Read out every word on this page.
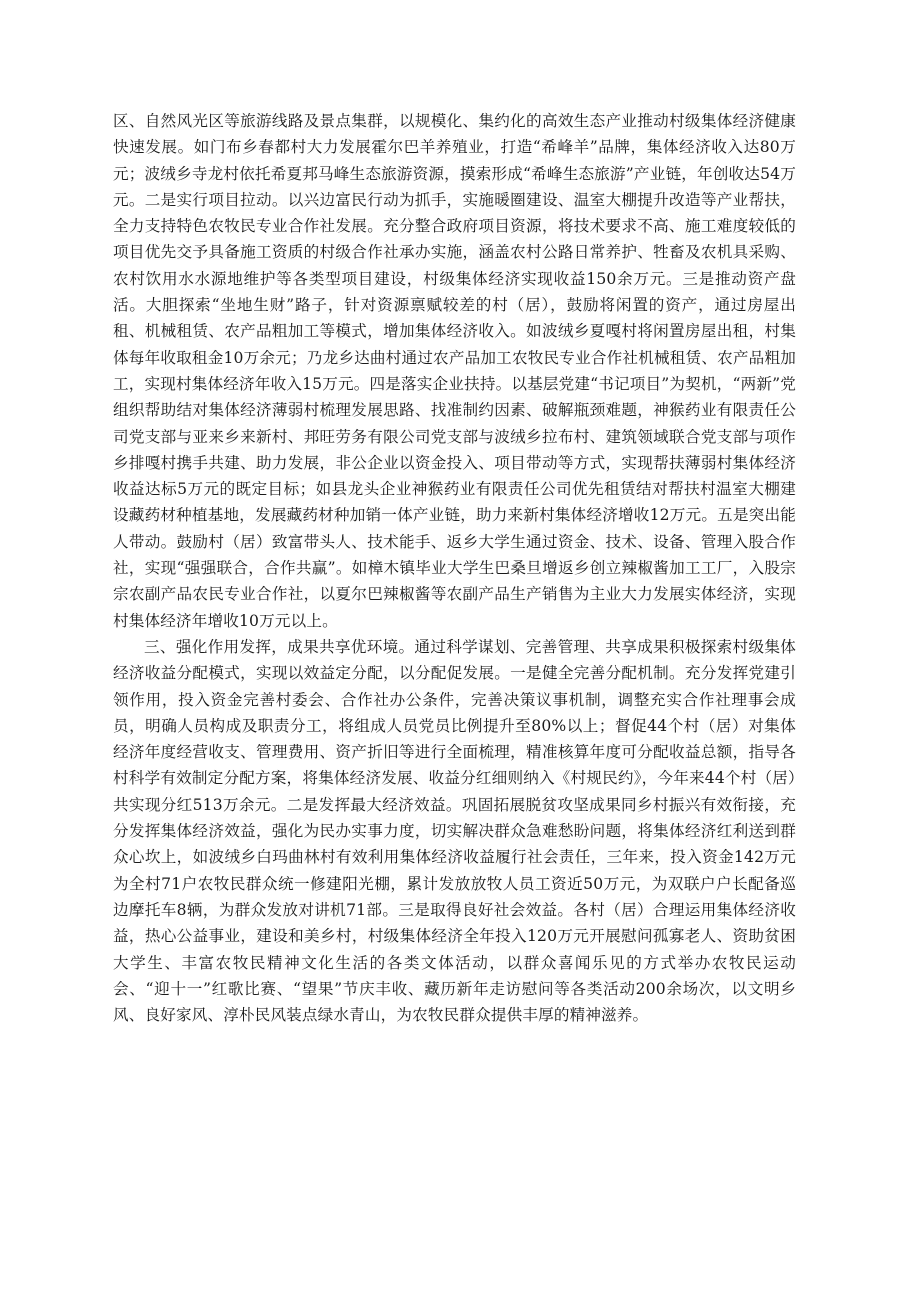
区、自然风光区等旅游线路及景点集群，以规模化、集约化的高效生态产业推动村级集体经济健康快速发展。如门布乡春都村大力发展霍尔巴羊养殖业，打造“希峰羊”品牌，集体经济收入达80万元；波绒乡寺龙村依托希夏邦马峰生态旅游资源，摸索形成“希峰生态旅游”产业链，年创收达54万元。二是实行项目拉动。以兴边富民行动为抓手，实施暖圈建设、温室大棚提升改造等产业帮扶，全力支持特色农牧民专业合作社发展。充分整合政府项目资源，将技术要求不高、施工难度较低的项目优先交予具备施工资质的村级合作社承办实施，涵盖农村公路日常养护、牲畜及农机具采购、农村饮用水水源地维护等各类型项目建设，村级集体经济实现收益150余万元。三是推动资产盘活。大胆探索“坐地生财”路子，针对资源禀赋较差的村（居），鼓励将闲置的资产，通过房屋出租、机械租赁、农产品粗加工等模式，增加集体经济收入。如波绒乡夏嘎村将闲置房屋出租，村集体每年收取租金10万余元；乃龙乡达曲村通过农产品加工农牧民专业合作社机械租赁、农产品粗加工，实现村集体经济年收入15万元。四是落实企业扶持。以基层党建“书记项目”为契机，“两新”党组织帮助结对集体经济薄弱村梳理发展思路、找准制约因素、破解瓶颈难题，神猴药业有限责任公司党支部与亚来乡来新村、邦旺劳务有限公司党支部与波绒乡拉布村、建筑领域联合党支部与项作乡排嘎村携手共建、助力发展，非公企业以资金投入、项目带动等方式，实现帮扶薄弱村集体经济收益达标5万元的既定目标；如县龙头企业神猴药业有限责任公司优先租赁结对帮扶村温室大棚建设藏药材种植基地，发展藏药材种加销一体产业链，助力来新村集体经济增收12万元。五是突出能人带动。鼓励村（居）致富带头人、技术能手、返乡大学生通过资金、技术、设备、管理入股合作社，实现“强强联合，合作共赢”。如樟木镇毕业大学生巴桑旦增返乡创立辣椒酱加工工厂，入股宗宗农副产品农民专业合作社，以夏尔巴辣椒酱等农副产品生产销售为主业大力发展实体经济，实现村集体经济年增收10万元以上。

三、强化作用发挥，成果共享优环境。通过科学谋划、完善管理、共享成果积极探索村级集体经济收益分配模式，实现以效益定分配，以分配促发展。一是健全完善分配机制。充分发挥党建引领作用，投入资金完善村委会、合作社办公条件，完善决策议事机制，调整充实合作社理事会成员，明确人员构成及职责分工，将组成人员党员比例提升至80%以上；督促44个村（居）对集体经济年度经营收支、管理费用、资产折旧等进行全面梳理，精准核算年度可分配收益总额，指导各村科学有效制定分配方案，将集体经济发展、收益分红细则纳入《村规民约》，今年来44个村（居）共实现分红513万余元。二是发挥最大经济效益。巩固拓展脱贫攻坚成果同乡村振兴有效衔接，充分发挥集体经济效益，强化为民办实事力度，切实解决群众急难愁盼问题，将集体经济红利送到群众心坎上，如波绒乡白玛曲林村有效利用集体经济收益履行社会责任，三年来，投入资金142万元为全村71户农牧民群众统一修建阳光棚，累计发放放牧人员工资近50万元，为双联户户长配备巡边摩托车8辆，为群众发放对讲机71部。三是取得良好社会效益。各村（居）合理运用集体经济收益，热心公益事业，建设和美乡村，村级集体经济全年投入120万元开展慰问孤寡老人、资助贫困大学生、丰富农牧民精神文化生活的各类文体活动，以群众喜闻乐见的方式举办农牧民运动会、“迎十一”红歌比赛、“望果”节庆丰收、藏历新年走访慰问等各类活动200余场次，以文明乡风、良好家风、淳朴民风装点绿水青山，为农牧民群众提供丰厚的精神滋养。
